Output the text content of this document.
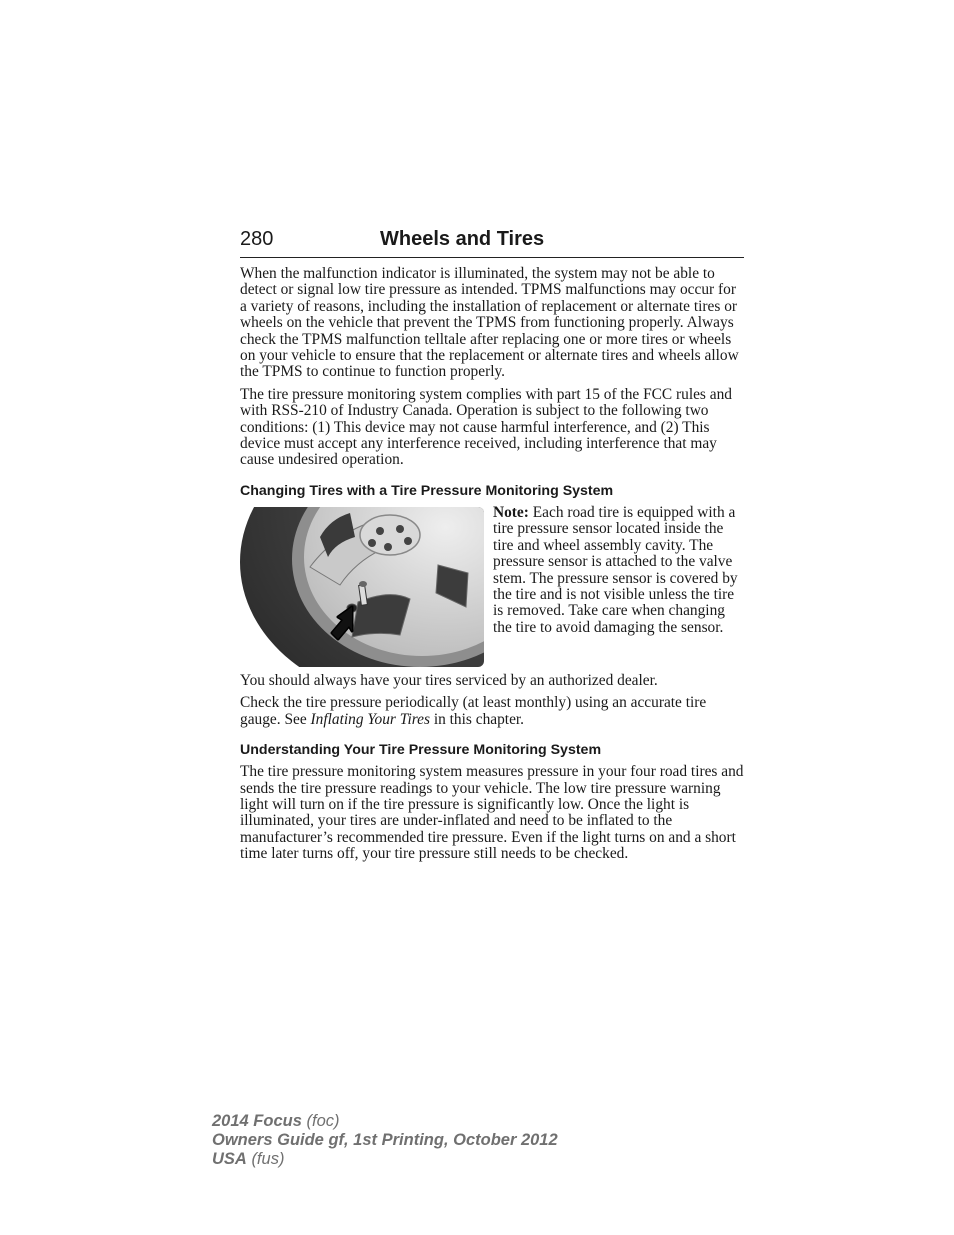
280	Wheels and Tires

When the malfunction indicator is illuminated, the system may not be able to detect or signal low tire pressure as intended. TPMS malfunctions may occur for a variety of reasons, including the installation of replacement or alternate tires or wheels on the vehicle that prevent the TPMS from functioning properly. Always check the TPMS malfunction telltale after replacing one or more tires or wheels on your vehicle to ensure that the replacement or alternate tires and wheels allow the TPMS to continue to function properly.

The tire pressure monitoring system complies with part 15 of the FCC rules and with RSS-210 of Industry Canada. Operation is subject to the following two conditions: (1) This device may not cause harmful interference, and (2) This device must accept any interference received, including interference that may cause undesired operation.

Changing Tires with a Tire Pressure Monitoring System

Note: Each road tire is equipped with a tire pressure sensor located inside the tire and wheel assembly cavity. The pressure sensor is attached to the valve stem. The pressure sensor is covered by the tire and is not visible unless the tire is removed. Take care when changing the tire to avoid damaging the sensor.

You should always have your tires serviced by an authorized dealer.

Check the tire pressure periodically (at least monthly) using an accurate tire gauge. See Inflating Your Tires in this chapter.

Understanding Your Tire Pressure Monitoring System

The tire pressure monitoring system measures pressure in your four road tires and sends the tire pressure readings to your vehicle. The low tire pressure warning light will turn on if the tire pressure is significantly low. Once the light is illuminated, your tires are under-inflated and need to be inflated to the manufacturer’s recommended tire pressure. Even if the light turns on and a short time later turns off, your tire pressure still needs to be checked.

2014 Focus (foc)
Owners Guide gf, 1st Printing, October 2012
USA (fus)
